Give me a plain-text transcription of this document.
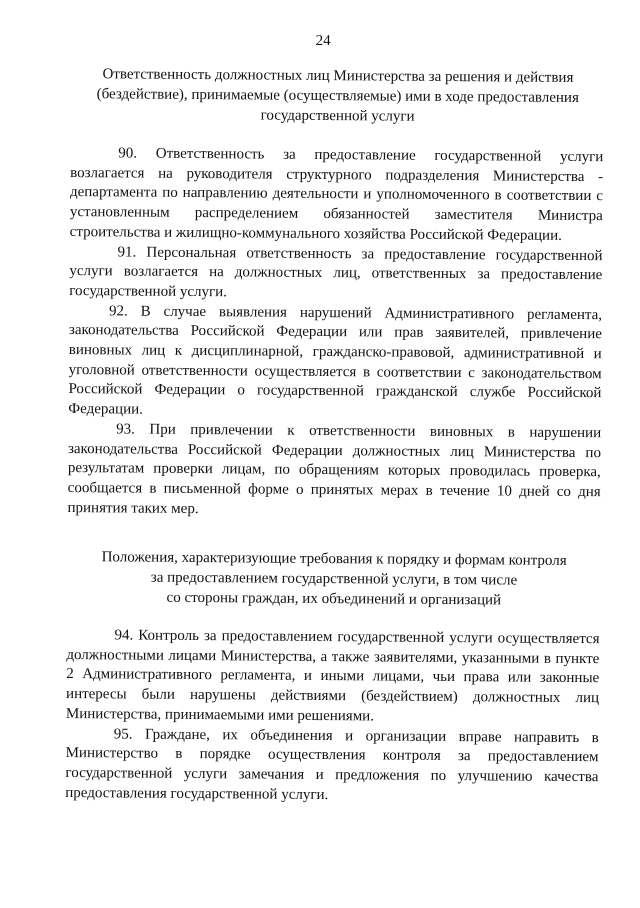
24
Ответственность должностных лиц Министерства за решения и действия
(бездействие), принимаемые (осуществляемые) ими в ходе предоставления
государственной услуги

90. Ответственность за предоставление государственной услуги возлагается на руководителя структурного подразделения Министерства - департамента по направлению деятельности и уполномоченного в соответствии с установленным распределением обязанностей заместителя Министра строительства и жилищно-коммунального хозяйства Российской Федерации.

91. Персональная ответственность за предоставление государственной услуги возлагается на должностных лиц, ответственных за предоставление государственной услуги.

92. В случае выявления нарушений Административного регламента, законодательства Российской Федерации или прав заявителей, привлечение виновных лиц к дисциплинарной, гражданско-правовой, административной и уголовной ответственности осуществляется в соответствии с законодательством Российской Федерации о государственной гражданской службе Российской Федерации.

93. При привлечении к ответственности виновных в нарушении законодательства Российской Федерации должностных лиц Министерства по результатам проверки лицам, по обращениям которых проводилась проверка, сообщается в письменной форме о принятых мерах в течение 10 дней со дня принятия таких мер.

Положения, характеризующие требования к порядку и формам контроля
за предоставлением государственной услуги, в том числе
со стороны граждан, их объединений и организаций

94. Контроль за предоставлением государственной услуги осуществляется должностными лицами Министерства, а также заявителями, указанными в пункте 2 Административного регламента, и иными лицами, чьи права или законные интересы были нарушены действиями (бездействием) должностных лиц Министерства, принимаемыми ими решениями.

95. Граждане, их объединения и организации вправе направить в Министерство в порядке осуществления контроля за предоставлением государственной услуги замечания и предложения по улучшению качества предоставления государственной услуги.
